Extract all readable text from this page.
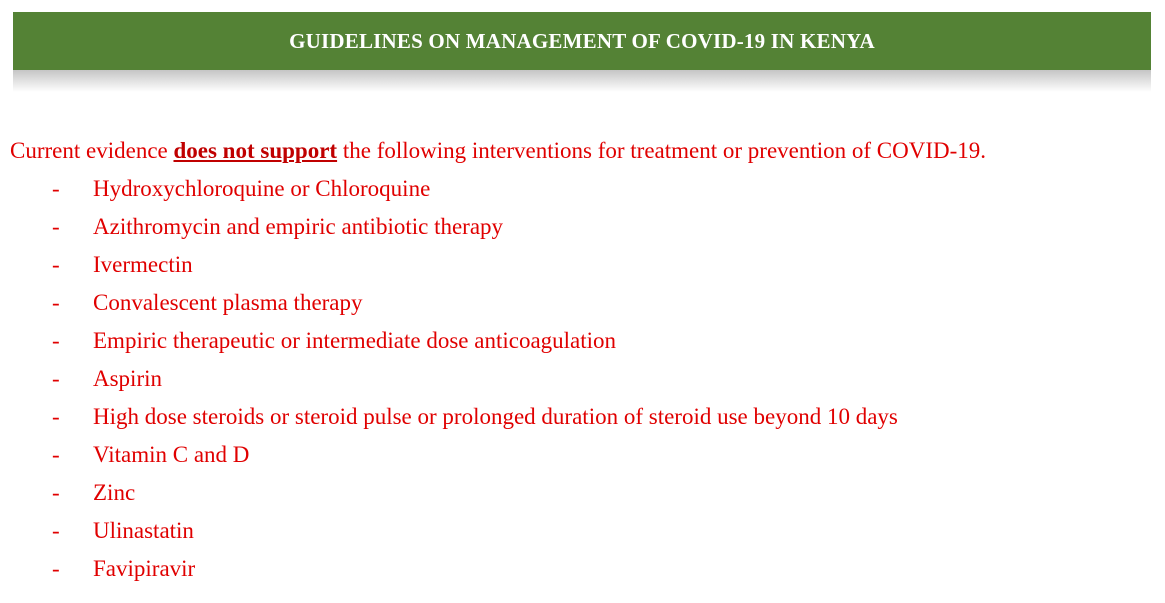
GUIDELINES ON MANAGEMENT OF COVID-19 IN KENYA
Current evidence does not support the following interventions for treatment or prevention of COVID-19.
- Hydroxychloroquine or Chloroquine
- Azithromycin and empiric antibiotic therapy
- Ivermectin
- Convalescent plasma therapy
- Empiric therapeutic or intermediate dose anticoagulation
- Aspirin
- High dose steroids or steroid pulse or prolonged duration of steroid use beyond 10 days
- Vitamin C and D
- Zinc
- Ulinastatin
- Favipiravir
